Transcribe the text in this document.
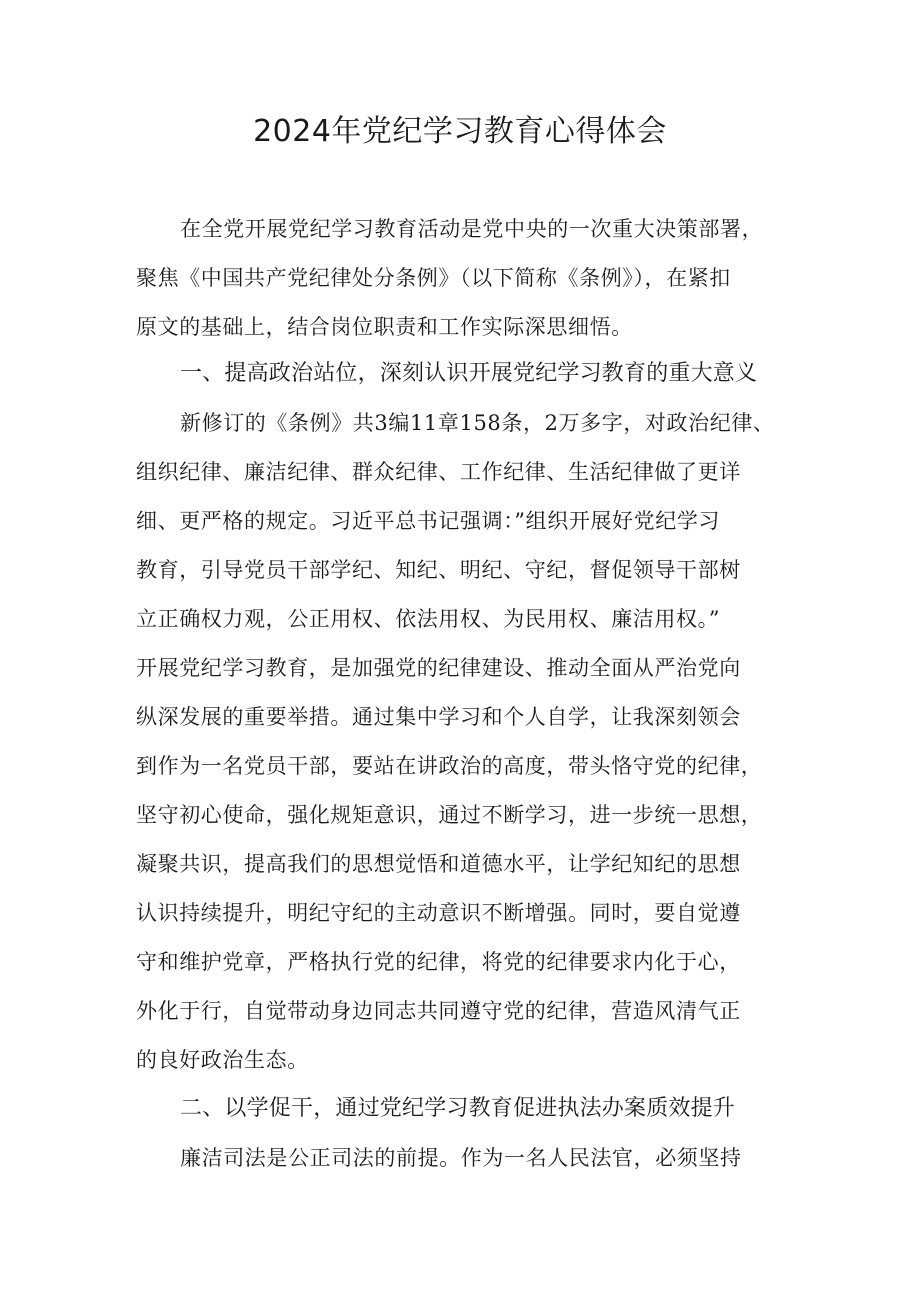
2024年党纪学习教育心得体会
在全党开展党纪学习教育活动是党中央的一次重大决策部署，
聚焦《中国共产党纪律处分条例》（以下简称《条例》），在紧扣
原文的基础上，结合岗位职责和工作实际深思细悟。
一、提高政治站位，深刻认识开展党纪学习教育的重大意义
新修订的《条例》共3编11章158条，2万多字，对政治纪律、
组织纪律、廉洁纪律、群众纪律、工作纪律、生活纪律做了更详
细、更严格的规定。习近平总书记强调：”组织开展好党纪学习
教育，引导党员干部学纪、知纪、明纪、守纪，督促领导干部树
立正确权力观，公正用权、依法用权、为民用权、廉洁用权。”
开展党纪学习教育，是加强党的纪律建设、推动全面从严治党向
纵深发展的重要举措。通过集中学习和个人自学，让我深刻领会
到作为一名党员干部，要站在讲政治的高度，带头恪守党的纪律，
坚守初心使命，强化规矩意识，通过不断学习，进一步统一思想，
凝聚共识，提高我们的思想觉悟和道德水平，让学纪知纪的思想
认识持续提升，明纪守纪的主动意识不断增强。同时，要自觉遵
守和维护党章，严格执行党的纪律，将党的纪律要求内化于心，
外化于行，自觉带动身边同志共同遵守党的纪律，营造风清气正
的良好政治生态。
二、以学促干，通过党纪学习教育促进执法办案质效提升
廉洁司法是公正司法的前提。作为一名人民法官，必须坚持
